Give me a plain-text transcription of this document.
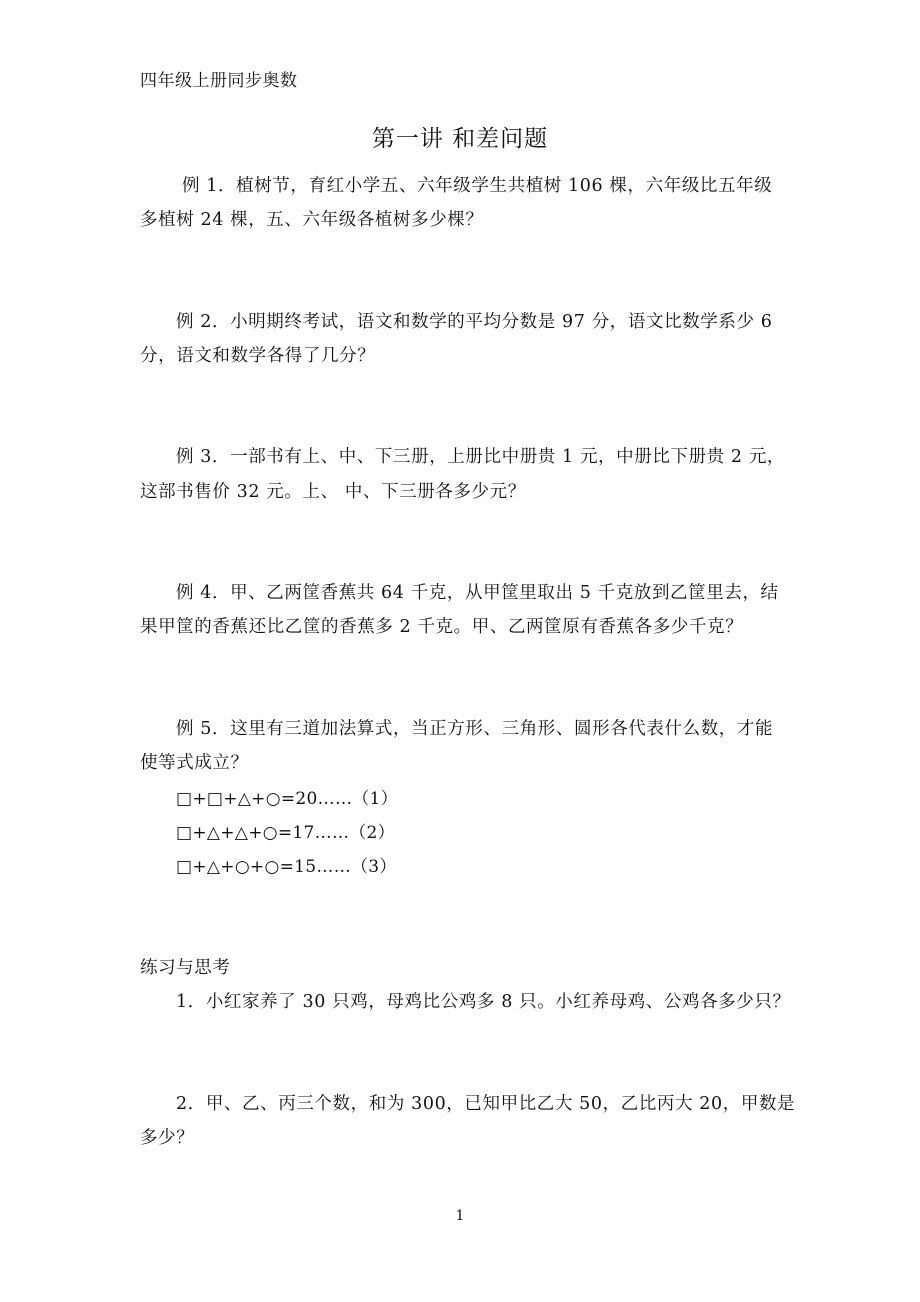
四年级上册同步奥数
第一讲 和差问题
例 1．植树节，育红小学五、六年级学生共植树 106 棵，六年级比五年级
多植树 24 棵，五、六年级各植树多少棵？
例 2．小明期终考试，语文和数学的平均分数是 97 分，语文比数学系少 6
分，语文和数学各得了几分？
例 3．一部书有上、中、下三册，上册比中册贵 1 元，中册比下册贵 2 元，
这部书售价 32 元。上、 中、下三册各多少元？
例 4．甲、乙两筐香蕉共 64 千克，从甲筐里取出 5 千克放到乙筐里去，结
果甲筐的香蕉还比乙筐的香蕉多 2 千克。甲、乙两筐原有香蕉各多少千克？
例 5．这里有三道加法算式，当正方形、三角形、圆形各代表什么数，才能
使等式成立？
□+□+△+○=20……（1）
□+△+△+○=17……（2）
□+△+○+○=15……（3）
练习与思考
1．小红家养了 30 只鸡，母鸡比公鸡多 8 只。小红养母鸡、公鸡各多少只？
2．甲、乙、丙三个数，和为 300，已知甲比乙大 50，乙比丙大 20，甲数是
多少？
1
